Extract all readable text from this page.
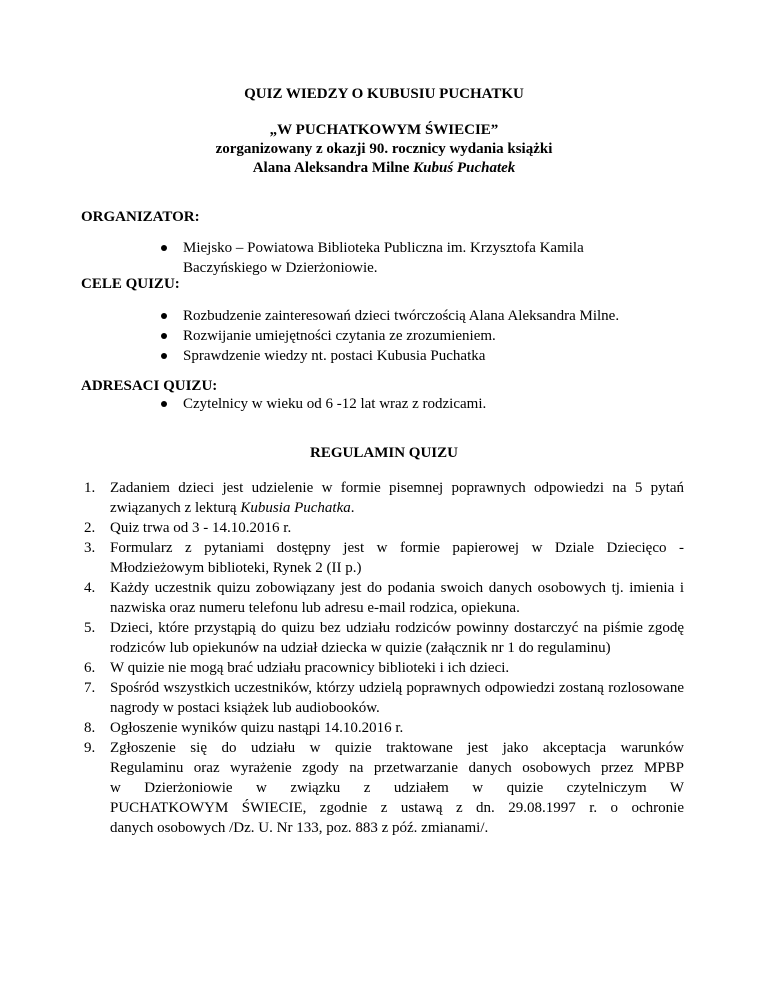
QUIZ WIEDZY O KUBUSIU PUCHATKU
„W PUCHATKOWYM ŚWIECIE”
zorganizowany z okazji 90. rocznicy wydania książki
Alana Aleksandra Milne Kubuś Puchatek
ORGANIZATOR:
Miejsko – Powiatowa Biblioteka Publiczna im. Krzysztofa Kamila
Baczyńskiego w Dzierżoniowie.
CELE QUIZU:
Rozbudzenie zainteresowań dzieci twórczością Alana Aleksandra Milne.
Rozwijanie umiejętności czytania ze zrozumieniem.
Sprawdzenie wiedzy nt. postaci Kubusia Puchatka
ADRESACI QUIZU:
Czytelnicy w wieku od 6 -12 lat wraz z rodzicami.
REGULAMIN QUIZU
1. Zadaniem dzieci jest udzielenie w formie pisemnej poprawnych odpowiedzi na 5 pytań związanych z lekturą Kubusia Puchatka.
2. Quiz trwa od 3 - 14.10.2016 r.
3. Formularz z pytaniami dostępny jest w formie papierowej w Dziale Dziecięco - Młodzieżowym biblioteki, Rynek 2 (II p.)
4. Każdy uczestnik quizu zobowiązany jest do podania swoich danych osobowych tj. imienia i nazwiska oraz numeru telefonu lub adresu e-mail rodzica, opiekuna.
5. Dzieci, które przystąpią do quizu bez udziału rodziców powinny dostarczyć na piśmie zgodę rodziców lub opiekunów na udział dziecka w quizie (załącznik nr 1 do regulaminu)
6. W quizie nie mogą brać udziału pracownicy biblioteki i ich dzieci.
7. Spośród wszystkich uczestników, którzy udzielą poprawnych odpowiedzi zostaną rozlosowane nagrody w postaci książek lub audiobooków.
8. Ogłoszenie wyników quizu nastąpi 14.10.2016 r.
9. Zgłoszenie się do udziału w quizie traktowane jest jako akceptacja warunków
Regulaminu oraz wyrażenie zgody na przetwarzanie danych osobowych przez MPBP
w Dzierżoniowie w związku z udziałem w quizie czytelniczym W
PUCHATKOWYM ŚWIECIE, zgodnie z ustawą z dn. 29.08.1997 r. o ochronie
danych osobowych /Dz. U. Nr 133, poz. 883 z póź. zmianami/.
